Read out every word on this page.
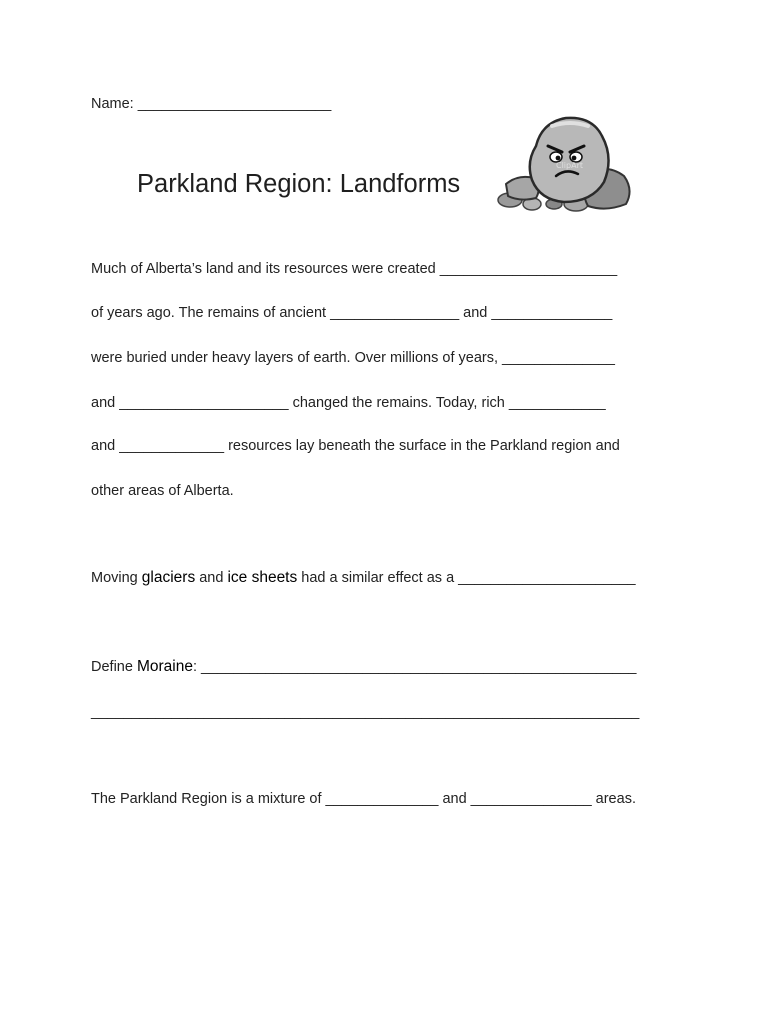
Name: ________________________
Parkland Region: Landforms
ClipArt
Much of Alberta’s land and its resources were created ______________________
of years ago. The remains of ancient ________________ and _______________
were buried under heavy layers of earth. Over millions of years, ______________
and _____________________ changed the remains. Today, rich ____________
and _____________ resources lay beneath the surface in the Parkland region and
other areas of Alberta.
Moving glaciers and ice sheets had a similar effect as a ______________________
Define Moraine: ______________________________________________________
____________________________________________________________________
The Parkland Region is a mixture of ______________ and _______________ areas.
